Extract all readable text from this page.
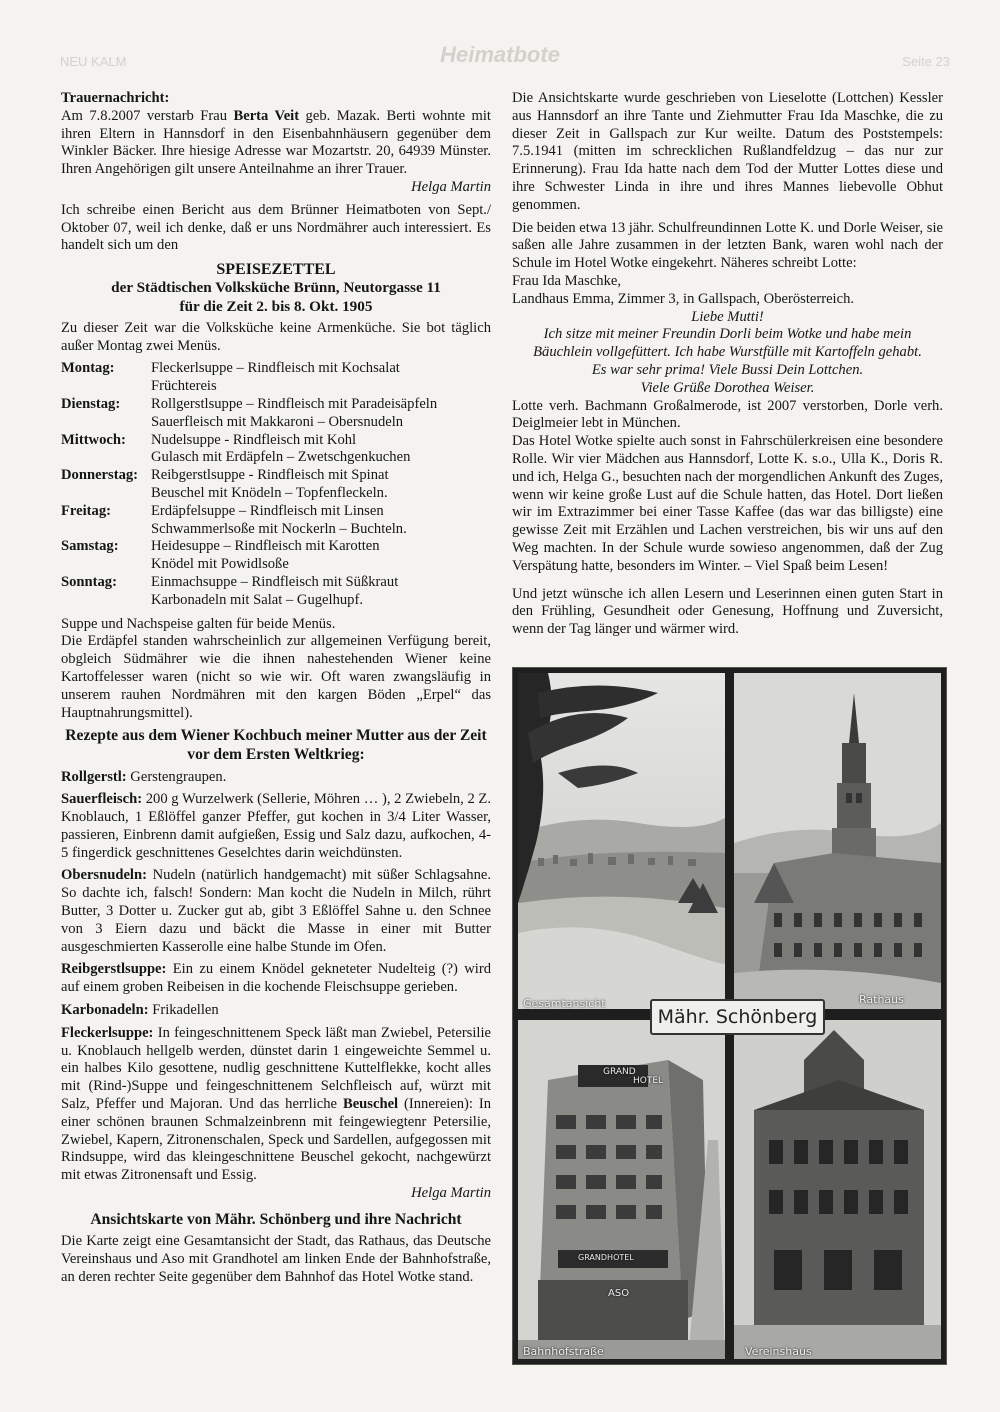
NEU KALM	Heimatbote	Seite 23
Trauernachricht:

Am 7.8.2007 verstarb Frau Berta Veit geb. Mazak. Berti wohnte mit ihren Eltern in Hannsdorf in den Eisenbahnhäusern gegenüber dem Winkler Bäcker. Ihre hiesige Adresse war Mozartstr. 20, 64939 Münster. Ihren Angehörigen gilt unsere Anteilnahme an ihrer Trauer.
Helga Martin

Ich schreibe einen Bericht aus dem Brünner Heimatboten von Sept./ Oktober 07, weil ich denke, daß er uns Nordmährer auch interessiert. Es handelt sich um den

SPEISEZETTEL
der Städtischen Volksküche Brünn, Neutorgasse 11
für die Zeit 2. bis 8. Okt. 1905

Zu dieser Zeit war die Volksküche keine Armenküche. Sie bot täglich außer Montag zwei Menüs.

Montag:	Fleckerlsuppe – Rindfleisch mit Kochsalat
Früchtereis
Dienstag:	Rollgerstlsuppe – Rindfleisch mit Paradeisäpfeln
Sauerfleisch mit Makkaroni – Obersnudeln
Mittwoch:	Nudelsuppe - Rindfleisch mit Kohl
Gulasch mit Erdäpfeln – Zwetschgenkuchen
Donnerstag: Reibgerstlsuppe - Rindfleisch mit Spinat
Beuschel mit Knödeln – Topfenfleckeln.
Freitag:	Erdäpfelsuppe – Rindfleisch mit Linsen
Schwammerlsoße mit Nockerln – Buchteln.
Samstag:	Heidesuppe – Rindfleisch mit Karotten
Knödel mit Powidlsoße
Sonntag:	Einmachsuppe – Rindfleisch mit Süßkraut
Karbonadeln mit Salat – Gugelhupf.

Suppe und Nachspeise galten für beide Menüs.

Die Erdäpfel standen wahrscheinlich zur allgemeinen Verfügung bereit, obgleich Südmährer wie die ihnen nahestehenden Wiener keine Kartoffelesser waren (nicht so wie wir. Oft waren zwangsläufig in unserem rauhen Nordmähren mit den kargen Böden „Erpel“ das Hauptnahrungsmittel).

Rezepte aus dem Wiener Kochbuch meiner Mutter aus der Zeit vor dem Ersten Weltkrieg:

Rollgerstl: Gerstengraupen.

Sauerfleisch: 200 g Wurzelwerk (Sellerie, Möhren … ), 2 Zwiebeln, 2 Z. Knoblauch, 1 Eßlöffel ganzer Pfeffer, gut kochen in 3/4 Liter Wasser, passieren, Einbrenn damit aufgießen, Essig und Salz dazu, aufkochen, 4-5 fingerdick geschnittenes Geselchtes darin weichdünsten.

Obersnudeln: Nudeln (natürlich handgemacht) mit süßer Schlagsahne. So dachte ich, falsch! Sondern: Man kocht die Nudeln in Milch, rührt Butter, 3 Dotter u. Zucker gut ab, gibt 3 Eßlöffel Sahne u. den Schnee von 3 Eiern dazu und bäckt die Masse in einer mit Butter ausgeschmierten Kasserolle eine halbe Stunde im Ofen.

Reibgerstlsuppe: Ein zu einem Knödel gekneteter Nudelteig (?) wird auf einem groben Reibeisen in die kochende Fleischsuppe gerieben.

Karbonadeln: Frikadellen

Fleckerlsuppe: In feingeschnittenem Speck läßt man Zwiebel, Petersilie u. Knoblauch hellgelb werden, dünstet darin 1 eingeweichte Semmel u. ein halbes Kilo gesottene, nudlig geschnittene Kuttelflekke, kocht alles mit (Rind-)Suppe und feingeschnittenem Selchfleisch auf, würzt mit Salz, Pfeffer und Majoran. Und das herrliche Beuschel (Innereien): In einer schönen braunen Schmalzeinbrenn mit feingewiegtenr Petersilie, Zwiebel, Kapern, Zitronenschalen, Speck und Sardellen, aufgegossen mit Rindsuppe, wird das kleingeschnittene Beuschel gekocht, nachgewürzt mit etwas Zitronensaft und Essig.
Helga Martin

Ansichtskarte von Mähr. Schönberg und ihre Nachricht

Die Karte zeigt eine Gesamtansicht der Stadt, das Rathaus, das Deutsche Vereinshaus und Aso mit Grandhotel am linken Ende der Bahnhofstraße, an deren rechter Seite gegenüber dem Bahnhof das Hotel Wotke stand.

Die Ansichtskarte wurde geschrieben von Lieselotte (Lottchen) Kessler aus Hannsdorf an ihre Tante und Ziehmutter Frau Ida Maschke, die zu dieser Zeit in Gallspach zur Kur weilte. Datum des Poststempels: 7.5.1941 (mitten im schrecklichen Rußlandfeldzug – das nur zur Erinnerung). Frau Ida hatte nach dem Tod der Mutter Lottes diese und ihre Schwester Linda in ihre und ihres Mannes liebevolle Obhut genommen.

Die beiden etwa 13 jähr. Schulfreundinnen Lotte K. und Dorle Weiser, sie saßen alle Jahre zusammen in der letzten Bank, waren wohl nach der Schule im Hotel Wotke eingekehrt. Näheres schreibt Lotte:

Frau Ida Maschke,

Landhaus Emma, Zimmer 3, in Gallspach, Oberösterreich.

Liebe Mutti!

Ich sitze mit meiner Freundin Dorli beim Wotke und habe mein

Bäuchlein vollgefüttert. Ich habe Wurstfülle mit Kartoffeln gehabt.

Es war sehr prima! Viele Bussi Dein Lottchen.

Viele Grüße Dorothea Weiser.

Lotte verh. Bachmann Großalmerode, ist 2007 verstorben, Dorle verh. Deiglmeier lebt in München.

Das Hotel Wotke spielte auch sonst in Fahrschülerkreisen eine besondere Rolle. Wir vier Mädchen aus Hannsdorf, Lotte K. s.o., Ulla K., Doris R. und ich, Helga G., besuchten nach der morgendlichen Ankunft des Zuges, wenn wir keine große Lust auf die Schule hatten, das Hotel. Dort ließen wir im Extrazimmer bei einer Tasse Kaffee (das war das billigste) eine gewisse Zeit mit Erzählen und Lachen verstreichen, bis wir uns auf den Weg machten. In der Schule wurde sowieso angenommen, daß der Zug Verspätung hatte, besonders im Winter. – Viel Spaß beim Lesen!

Und jetzt wünsche ich allen Lesern und Leserinnen einen guten Start in den Frühling, Gesundheit oder Genesung, Hoffnung und Zuversicht, wenn der Tag länger und wärmer wird.

Gesamtansicht	Rathaus
Mähr. Schönberg
Bahnhofstraße	Vereinshaus
GRAND
HOTEL
GRANDHOTEL
ASO
